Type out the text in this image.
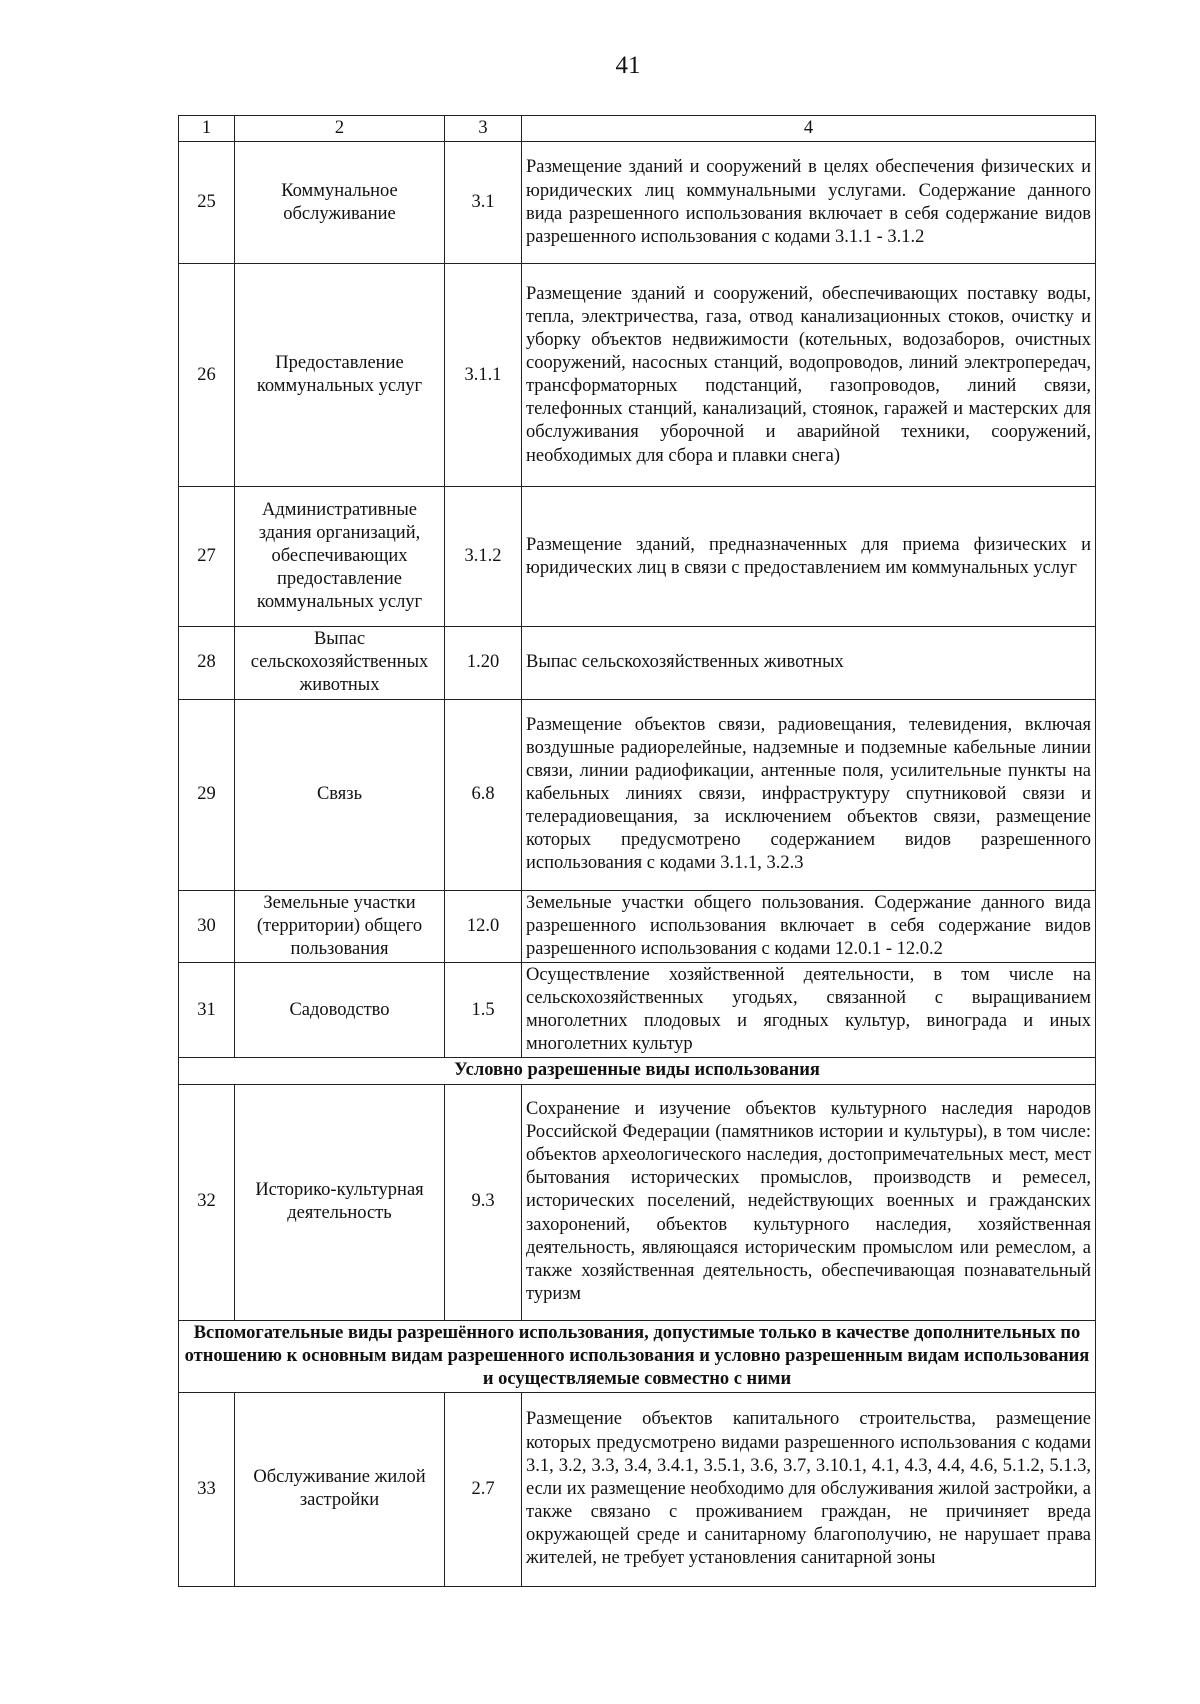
41
1	2	3	4
25	Коммунальное обслуживание	3.1	Размещение зданий и сооружений в целях обеспечения физических и юридических лиц коммунальными услугами. Содержание данного вида разрешенного использования включает в себя содержание видов разрешенного использования с кодами 3.1.1 - 3.1.2
26	Предоставление коммунальных услуг	3.1.1	Размещение зданий и сооружений, обеспечивающих поставку воды, тепла, электричества, газа, отвод канализационных стоков, очистку и уборку объектов недвижимости (котельных, водозаборов, очистных сооружений, насосных станций, водопроводов, линий электропередач, трансформаторных подстанций, газопроводов, линий связи, телефонных станций, канализаций, стоянок, гаражей и мастерских для обслуживания уборочной и аварийной техники, сооружений, необходимых для сбора и плавки снега)
27	Административные здания организаций, обеспечивающих предоставление коммунальных услуг	3.1.2	Размещение зданий, предназначенных для приема физических и юридических лиц в связи с предоставлением им коммунальных услуг
28	Выпас сельскохозяйственных животных	1.20	Выпас сельскохозяйственных животных
29	Связь	6.8	Размещение объектов связи, радиовещания, телевидения, включая воздушные радиорелейные, надземные и подземные кабельные линии связи, линии радиофикации, антенные поля, усилительные пункты на кабельных линиях связи, инфраструктуру спутниковой связи и телерадиовещания, за исключением объектов связи, размещение которых предусмотрено содержанием видов разрешенного использования с кодами 3.1.1, 3.2.3
30	Земельные участки (территории) общего пользования	12.0	Земельные участки общего пользования. Содержание данного вида разрешенного использования включает в себя содержание видов разрешенного использования с кодами 12.0.1 - 12.0.2
31	Садоводство	1.5	Осуществление хозяйственной деятельности, в том числе на сельскохозяйственных угодьях, связанной с выращиванием многолетних плодовых и ягодных культур, винограда и иных многолетних культур
Условно разрешенные виды использования			
32	Историко-культурная деятельность	9.3	Сохранение и изучение объектов культурного наследия народов Российской Федерации (памятников истории и культуры), в том числе: объектов археологического наследия, достопримечательных мест, мест бытования исторических промыслов, производств и ремесел, исторических поселений, недействующих военных и гражданских захоронений, объектов культурного наследия, хозяйственная деятельность, являющаяся историческим промыслом или ремеслом, а также хозяйственная деятельность, обеспечивающая познавательный туризм
Вспомогательные виды разрешённого использования, допустимые только в качестве дополнительных по отношению к основным видам разрешенного использования и условно разрешенным видам использования и осуществляемые совместно с ними			
33	Обслуживание жилой застройки	2.7	Размещение объектов капитального строительства, размещение которых предусмотрено видами разрешенного использования с кодами 3.1, 3.2, 3.3, 3.4, 3.4.1, 3.5.1, 3.6, 3.7, 3.10.1, 4.1, 4.3, 4.4, 4.6, 5.1.2, 5.1.3, если их размещение необходимо для обслуживания жилой застройки, а также связано с проживанием граждан, не причиняет вреда окружающей среде и санитарному благополучию, не нарушает права жителей, не требует установления санитарной зоны
